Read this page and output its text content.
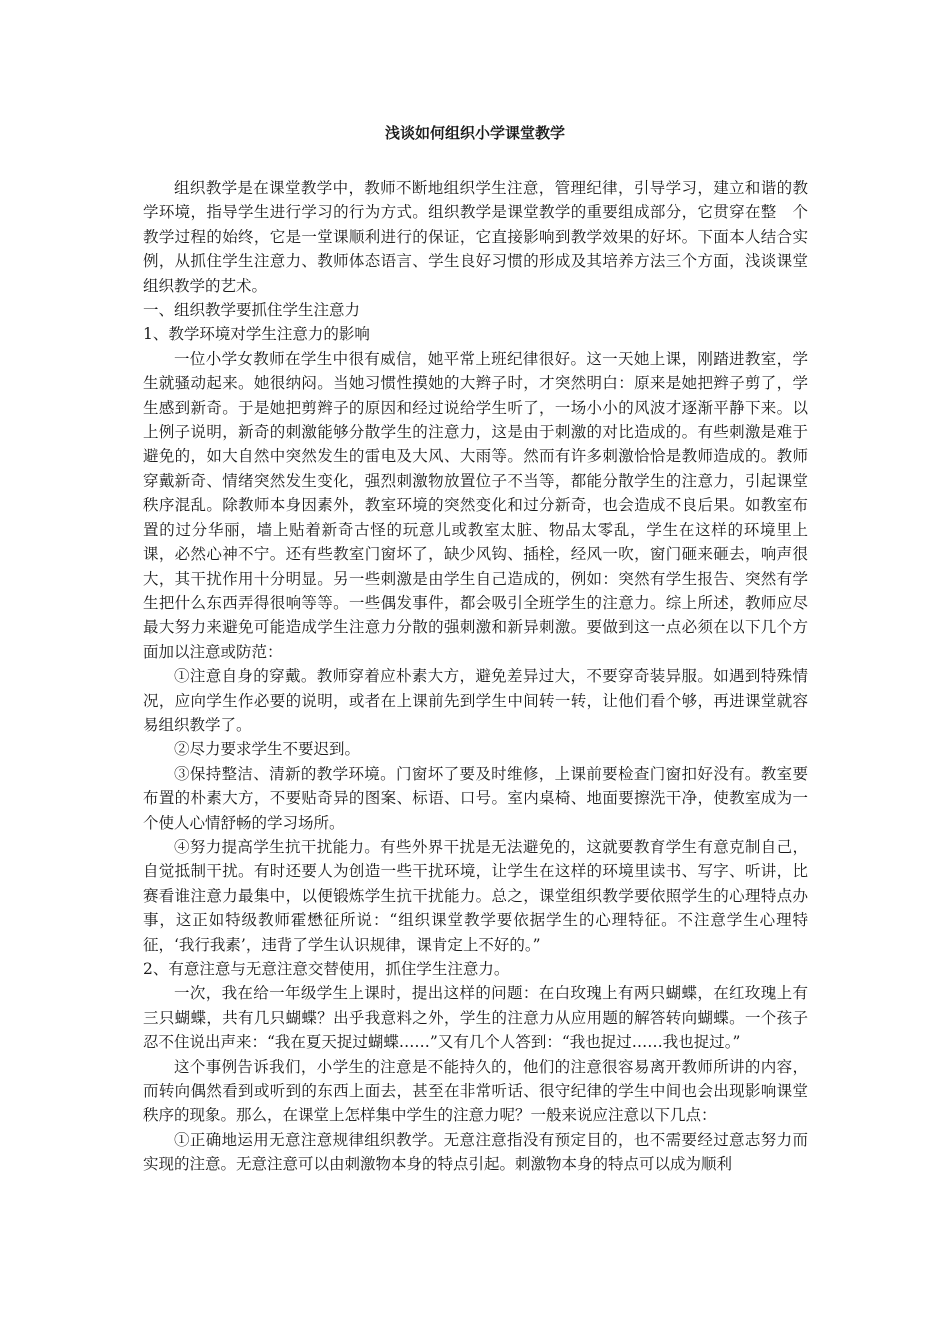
浅谈如何组织小学课堂教学

组织教学是在课堂教学中，教师不断地组织学生注意，管理纪律，引导学习，建立和谐的教学环境，指导学生进行学习的行为方式。组织教学是课堂教学的重要组成部分，它贯穿在整　个教学过程的始终，它是一堂课顺利进行的保证，它直接影响到教学效果的好坏。下面本人结合实例，从抓住学生注意力、教师体态语言、学生良好习惯的形成及其培养方法三个方面，浅谈课堂组织教学的艺术。

一、组织教学要抓住学生注意力

1、教学环境对学生注意力的影响

一位小学女教师在学生中很有威信，她平常上班纪律很好。这一天她上课，刚踏进教室，学生就骚动起来。她很纳闷。当她习惯性摸她的大辫子时，才突然明白：原来是她把辫子剪了，学生感到新奇。于是她把剪辫子的原因和经过说给学生听了，一场小小的风波才逐渐平静下来。以上例子说明，新奇的刺激能够分散学生的注意力，这是由于刺激的对比造成的。有些刺激是难于避免的，如大自然中突然发生的雷电及大风、大雨等。然而有许多刺激恰恰是教师造成的。教师穿戴新奇、情绪突然发生变化，强烈刺激物放置位子不当等，都能分散学生的注意力，引起课堂秩序混乱。除教师本身因素外，教室环境的突然变化和过分新奇，也会造成不良后果。如教室布置的过分华丽，墙上贴着新奇古怪的玩意儿或教室太脏、物品太零乱，学生在这样的环境里上课，必然心神不宁。还有些教室门窗坏了，缺少风钩、插栓，经风一吹，窗门砸来砸去，响声很大，其干扰作用十分明显。另一些刺激是由学生自己造成的，例如：突然有学生报告、突然有学生把什么东西弄得很响等等。一些偶发事件，都会吸引全班学生的注意力。综上所述，教师应尽最大努力来避免可能造成学生注意力分散的强刺激和新异刺激。要做到这一点必须在以下几个方面加以注意或防范：

①注意自身的穿戴。教师穿着应朴素大方，避免差异过大，不要穿奇装异服。如遇到特殊情况，应向学生作必要的说明，或者在上课前先到学生中间转一转，让他们看个够，再进课堂就容易组织教学了。

②尽力要求学生不要迟到。

③保持整洁、清新的教学环境。门窗坏了要及时维修，上课前要检查门窗扣好没有。教室要布置的朴素大方，不要贴奇异的图案、标语、口号。室内桌椅、地面要擦洗干净，使教室成为一个使人心情舒畅的学习场所。

④努力提高学生抗干扰能力。有些外界干扰是无法避免的，这就要教育学生有意克制自己，自觉抵制干扰。有时还要人为创造一些干扰环境，让学生在这样的环境里读书、写字、听讲，比赛看谁注意力最集中，以便锻炼学生抗干扰能力。总之，课堂组织教学要依照学生的心理特点办事，这正如特级教师霍懋征所说：“组织课堂教学要依据学生的心理特征。不注意学生心理特征，‘我行我素’，违背了学生认识规律，课肯定上不好的。”

2、有意注意与无意注意交替使用，抓住学生注意力。

一次，我在给一年级学生上课时，提出这样的问题：在白玫瑰上有两只蝴蝶，在红玫瑰上有三只蝴蝶，共有几只蝴蝶？出乎我意料之外，学生的注意力从应用题的解答转向蝴蝶。一个孩子忍不住说出声来：“我在夏天捉过蝴蝶……”又有几个人答到：“我也捉过……我也捉过。”

这个事例告诉我们，小学生的注意是不能持久的，他们的注意很容易离开教师所讲的内容，而转向偶然看到或听到的东西上面去，甚至在非常听话、很守纪律的学生中间也会出现影响课堂秩序的现象。那么，在课堂上怎样集中学生的注意力呢？一般来说应注意以下几点：

①正确地运用无意注意规律组织教学。无意注意指没有预定目的，也不需要经过意志努力而实现的注意。无意注意可以由刺激物本身的特点引起。刺激物本身的特点可以成为顺利
